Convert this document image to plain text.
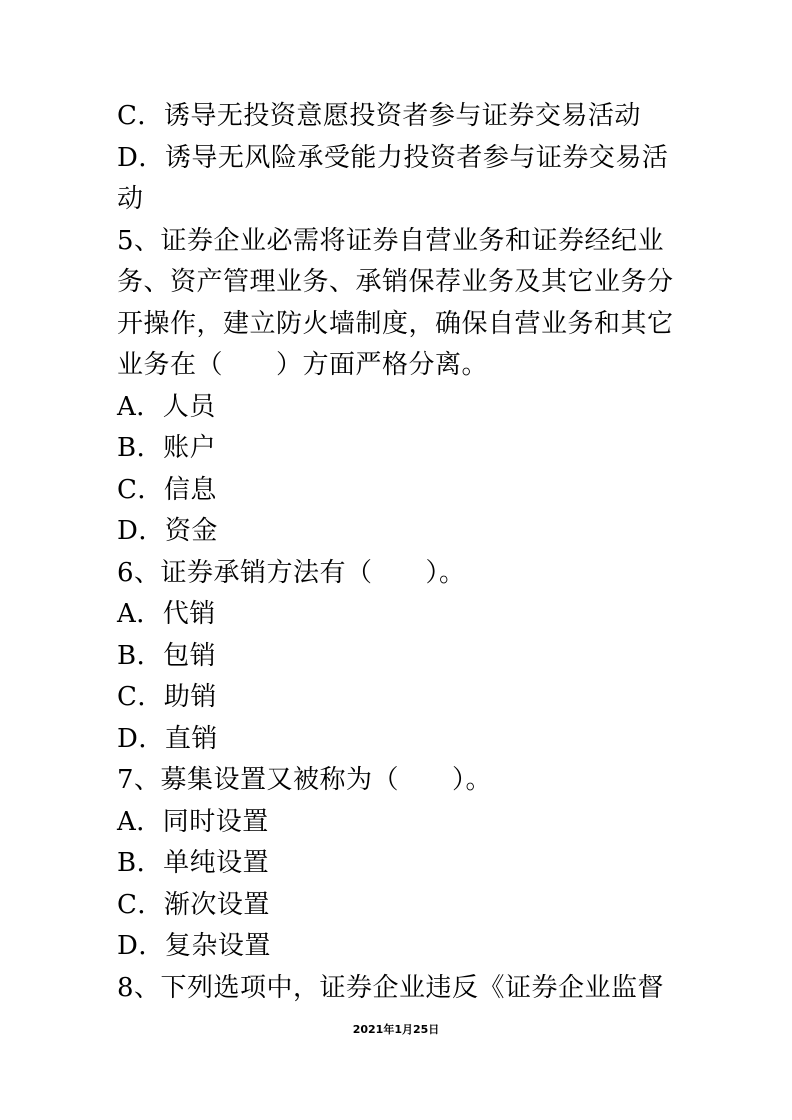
C．诱导无投资意愿投资者参与证券交易活动
D．诱导无风险承受能力投资者参与证券交易活
动
5、证券企业必需将证券自营业务和证券经纪业
务、资产管理业务、承销保荐业务及其它业务分
开操作，建立防火墙制度，确保自营业务和其它
业务在（　　）方面严格分离。
A．人员
B．账户
C．信息
D．资金
6、证券承销方法有（　　）。
A．代销
B．包销
C．助销
D．直销
7、募集设置又被称为（　　）。
A．同时设置
B．单纯设置
C．渐次设置
D．复杂设置
8、下列选项中，证券企业违反《证券企业监督
2021年1月25日
